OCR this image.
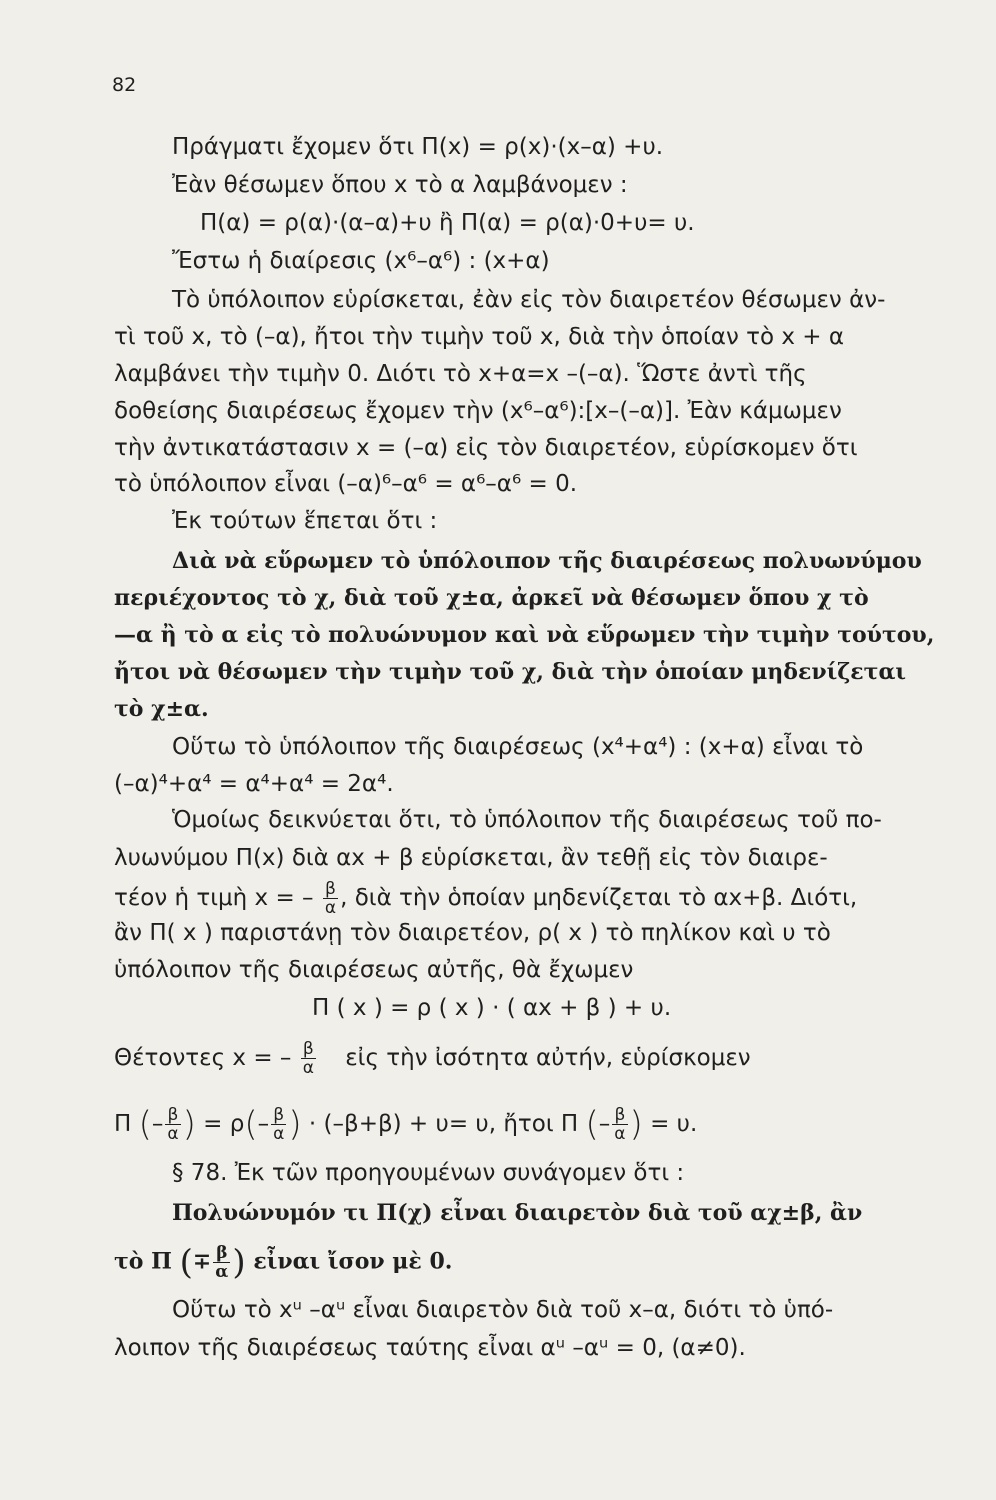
82
Πράγματι ἔχομεν ὅτι Π(x) = ρ(x)·(x–α) +υ.
Ἐὰν θέσωμεν ὅπου x τὸ α λαμβάνομεν :
Π(α) = ρ(α)·(α–α)+υ ἢ Π(α) = ρ(α)·0+υ= υ.
Ἔστω ἡ διαίρεσις (x⁶–α⁶) : (x+α)
Τὸ ὑπόλοιπον εὑρίσκεται, ἐὰν εἰς τὸν διαιρετέον θέσωμεν ἀν-
τὶ τοῦ x, τὸ (–α), ἤτοι τὴν τιμὴν τοῦ x, διὰ τὴν ὁποίαν τὸ x + α
λαμβάνει τὴν τιμὴν 0. Διότι τὸ x+α=x –(–α). Ὥστε ἀντὶ τῆς
δοθείσης διαιρέσεως ἔχομεν τὴν (x⁶–α⁶):[x–(–α)]. Ἐὰν κάμωμεν
τὴν ἀντικατάστασιν x = (–α) εἰς τὸν διαιρετέον, εὑρίσκομεν ὅτι
τὸ ὑπόλοιπον εἶναι (–α)⁶–α⁶ = α⁶–α⁶ = 0.
Ἐκ τούτων ἕπεται ὅτι :
Διὰ νὰ εὕρωμεν τὸ ὑπόλοιπον τῆς διαιρέσεως πολυωνύμου
περιέχοντος τὸ χ, διὰ τοῦ χ±α, ἀρκεῖ νὰ θέσωμεν ὅπου χ τὸ
—α ἢ τὸ α εἰς τὸ πολυώνυμον καὶ νὰ εὕρωμεν τὴν τιμὴν τούτου,
ἤτοι νὰ θέσωμεν τὴν τιμὴν τοῦ χ, διὰ τὴν ὁποίαν μηδενίζεται
τὸ χ±α.
Οὕτω τὸ ὑπόλοιπον τῆς διαιρέσεως (x⁴+α⁴) : (x+α) εἶναι τὸ
(–α)⁴+α⁴ = α⁴+α⁴ = 2α⁴.
Ὁμοίως δεικνύεται ὅτι, τὸ ὑπόλοιπον τῆς διαιρέσεως τοῦ πο-
λυωνύμου Π(x) διὰ αx + β εὑρίσκεται, ἂν τεθῇ εἰς τὸν διαιρε-
τέον ἡ τιμὴ x = – $\frac{\beta}{\alpha}$ , διὰ τὴν ὁποίαν μηδενίζεται τὸ αx+β. Διότι,
ἂν Π( x ) παριστάνῃ τὸν διαιρετέον, ρ( x ) τὸ πηλίκον καὶ υ τὸ
ὑπόλοιπον τῆς διαιρέσεως αὐτῆς, θὰ ἔχωμεν
Π ( x ) = ρ ( x ) · ( αx + β ) + υ.
Θέτοντες x = – $\frac{\beta}{\alpha}$ εἰς τὴν ἰσότητα αὐτήν, εὑρίσκομεν
Π (– $\frac{\beta}{\alpha}$ ) = $\rho(- \frac{\beta}{\alpha}$ ) · (–β+β) + υ= υ, ἤτοι Π (– $\frac{\beta}{\alpha}$ ) = υ.
§ 78. Ἐκ τῶν προηγουμένων συνάγομεν ὅτι :
Πολυώνυμόν τι Π(χ) εἶναι διαιρετὸν διὰ τοῦ αχ±β, ἂν
τὸ Π (∓ $\frac{\beta}{\alpha}$ ) εἶναι ἴσον μὲ 0.
Οὕτω τὸ xᵘ –αᵘ εἶναι διαιρετὸν διὰ τοῦ x–α, διότι τὸ ὑπό-
λοιπον τῆς διαιρέσεως ταύτης εἶναι αᵘ –αᵘ = 0, (α≠0).
